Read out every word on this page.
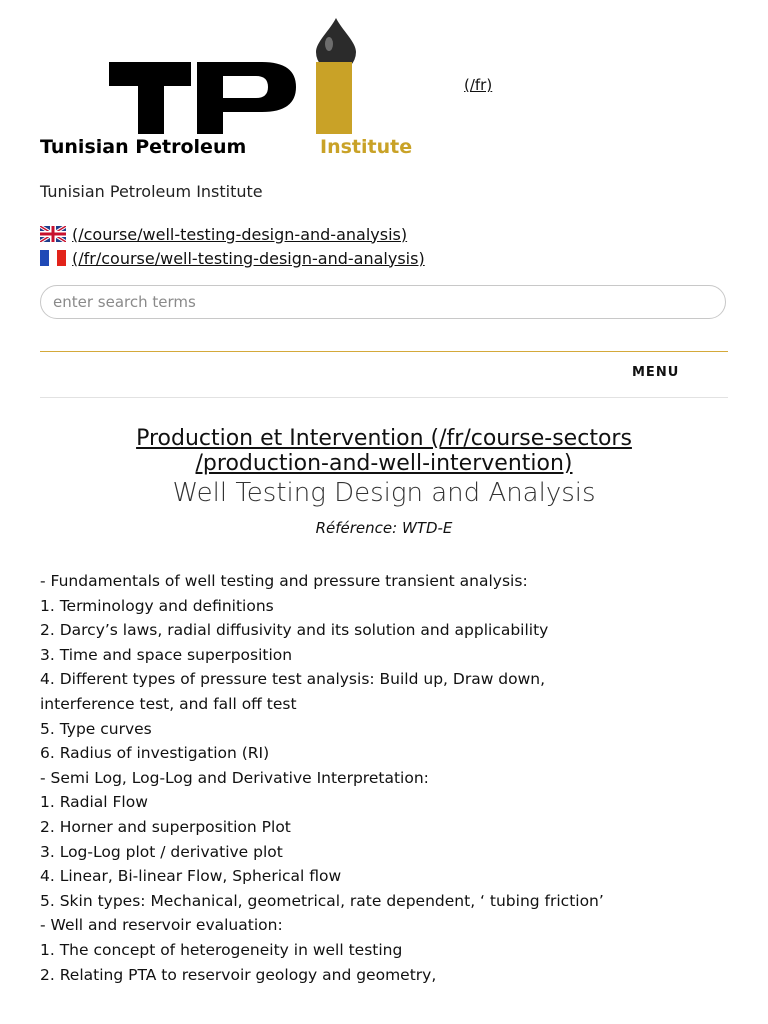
Tunisian Petroleum	Institute
(/fr)
Tunisian Petroleum Institute
(/course/well-testing-design-and-analysis)
(/fr/course/well-testing-design-and-analysis)
enter search terms
MENU
Production et Intervention (/fr/course-sectors
/production-and-well-intervention)
Well Testing Design and Analysis
Référence: WTD-E
- Fundamentals of well testing and pressure transient analysis:
1. Terminology and definitions
2. Darcy’s laws, radial diffusivity and its solution and applicability
3. Time and space superposition
4. Different types of pressure test analysis: Build up, Draw down,
interference test, and fall off test
5. Type curves
6. Radius of investigation (RI)
- Semi Log, Log-Log and Derivative Interpretation:
1. Radial Flow
2. Horner and superposition Plot
3. Log-Log plot / derivative plot
4. Linear, Bi-linear Flow, Spherical flow
5. Skin types: Mechanical, geometrical, rate dependent, ‘ tubing friction’
- Well and reservoir evaluation:
1. The concept of heterogeneity in well testing
2. Relating PTA to reservoir geology and geometry,
